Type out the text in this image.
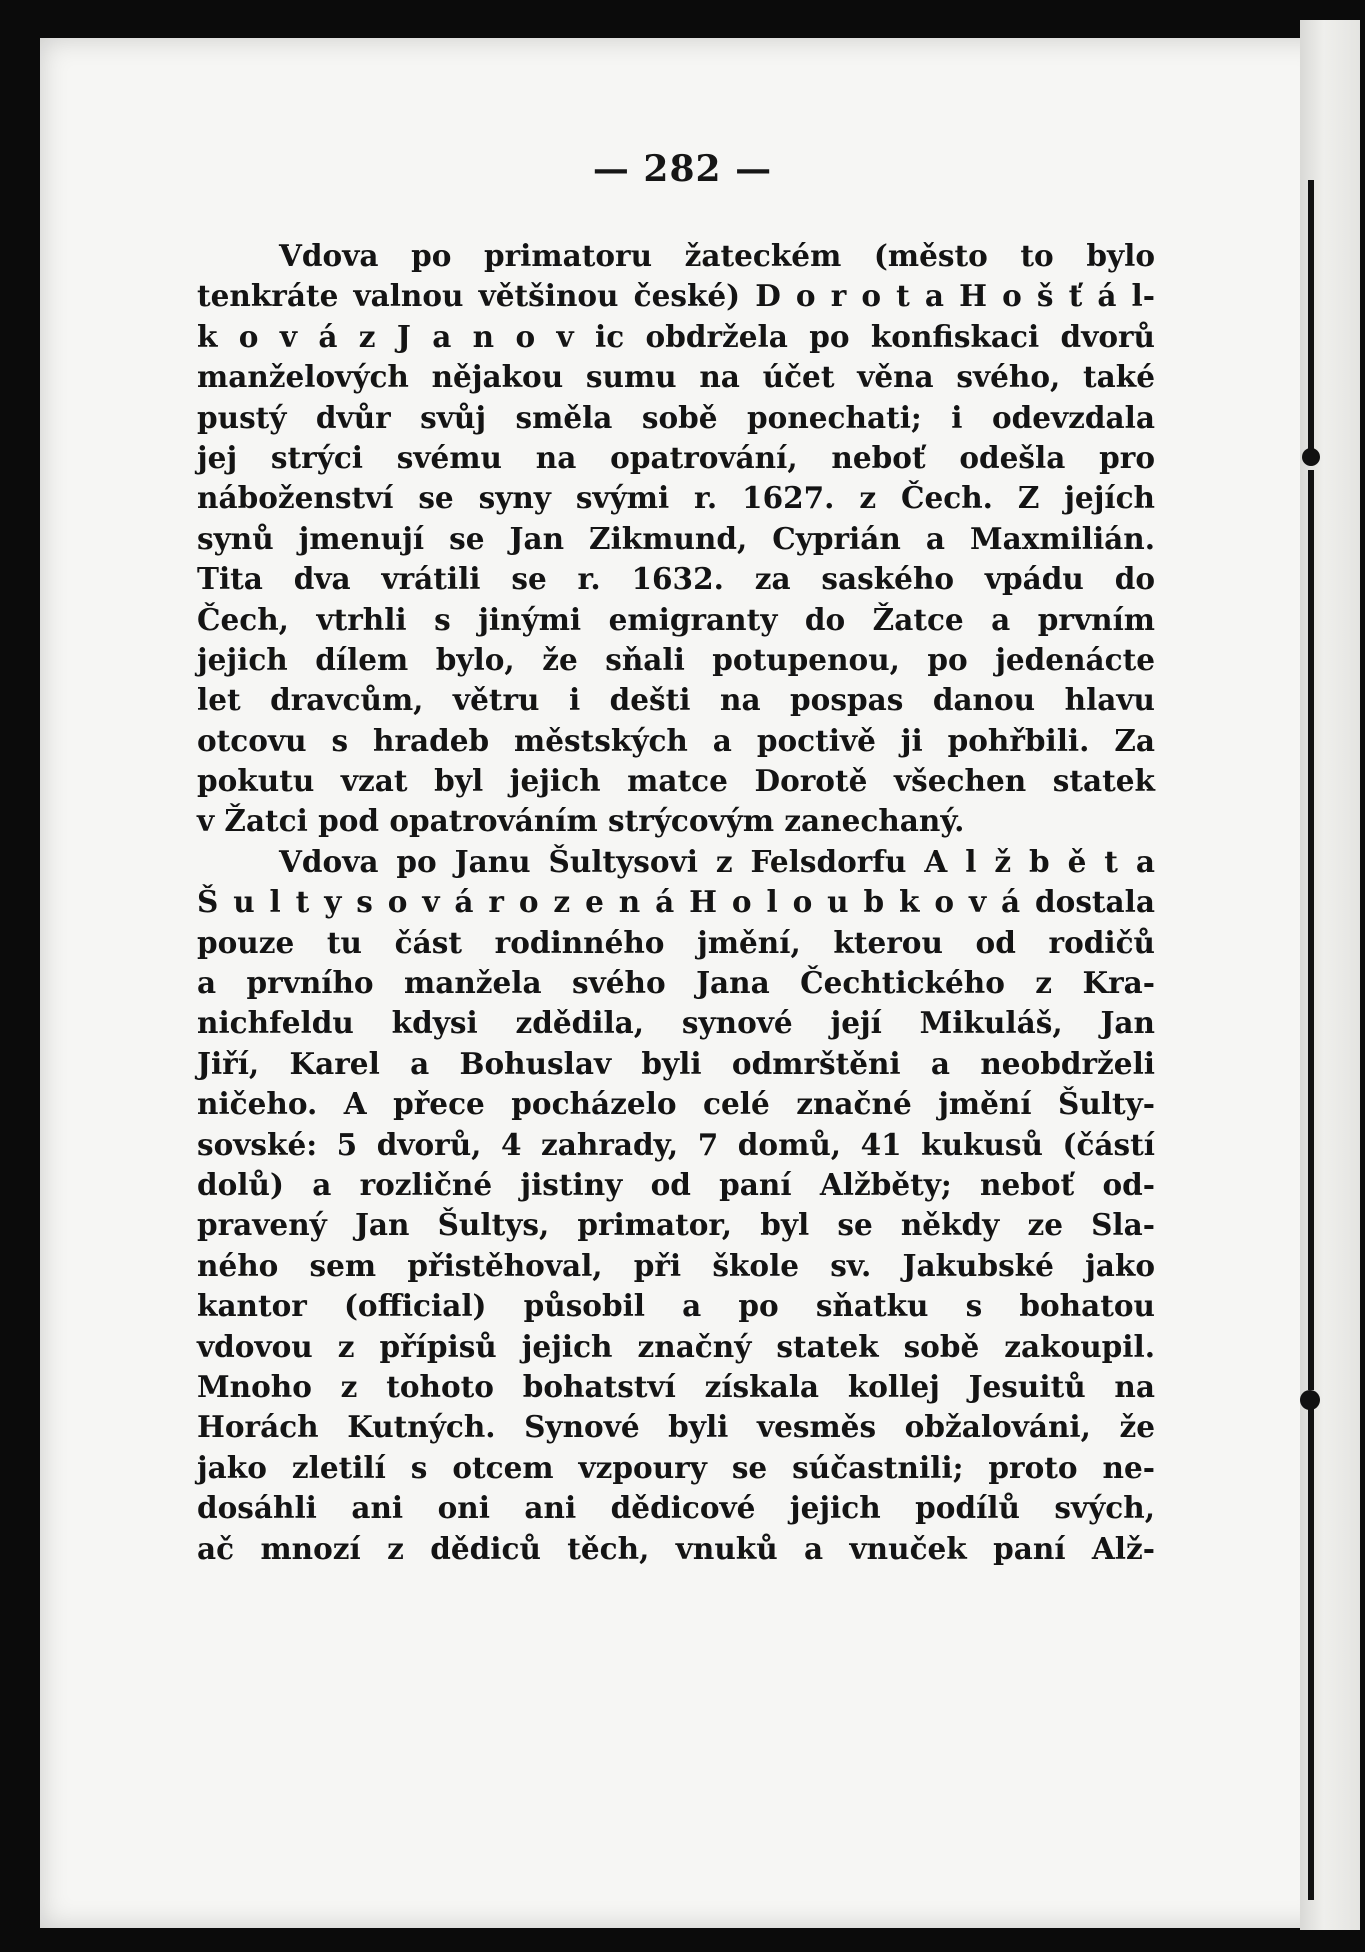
— 282 —
Vdova po primatoru žateckém (město to bylo
tenkráte valnou většinou české) D o r o t a H o š ť á l-
k o v á z J a n o v ic obdržela po konfiskaci dvorů
manželových nějakou sumu na účet věna svého, také
pustý dvůr svůj směla sobě ponechati; i odevzdala
jej strýci svému na opatrování, neboť odešla pro
náboženství se syny svými r. 1627. z Čech. Z jejích
synů jmenují se Jan Zikmund, Cyprián a Maxmilián.
Tita dva vrátili se r. 1632. za saského vpádu do
Čech, vtrhli s jinými emigranty do Žatce a prvním
jejich dílem bylo, že sňali potupenou, po jedenácte
let dravcům, větru i dešti na pospas danou hlavu
otcovu s hradeb městských a poctivě ji pohřbili. Za
pokutu vzat byl jejich matce Dorotě všechen statek
v Žatci pod opatrováním strýcovým zanechaný.
Vdova po Janu Šultysovi z Felsdorfu A l ž b ě t a
Š u l t y s o v á r o z e n á H o l o u b k o v á dostala
pouze tu část rodinného jmění, kterou od rodičů
a prvního manžela svého Jana Čechtického z Kra-
nichfeldu kdysi zdědila, synové její Mikuláš, Jan
Jiří, Karel a Bohuslav byli odmrštěni a neobdrželi
ničeho. A přece pocházelo celé značné jmění Šulty-
sovské: 5 dvorů, 4 zahrady, 7 domů, 41 kukusů (částí
dolů) a rozličné jistiny od paní Alžběty; neboť od-
pravený Jan Šultys, primator, byl se někdy ze Sla-
ného sem přistěhoval, při škole sv. Jakubské jako
kantor (official) působil a po sňatku s bohatou
vdovou z přípisů jejich značný statek sobě zakoupil.
Mnoho z tohoto bohatství získala kollej Jesuitů na
Horách Kutných. Synové byli vesměs obžalováni, že
jako zletilí s otcem vzpoury se súčastnili; proto ne-
dosáhli ani oni ani dědicové jejich podílů svých,
ač mnozí z dědiců těch, vnuků a vnuček paní Alž-
